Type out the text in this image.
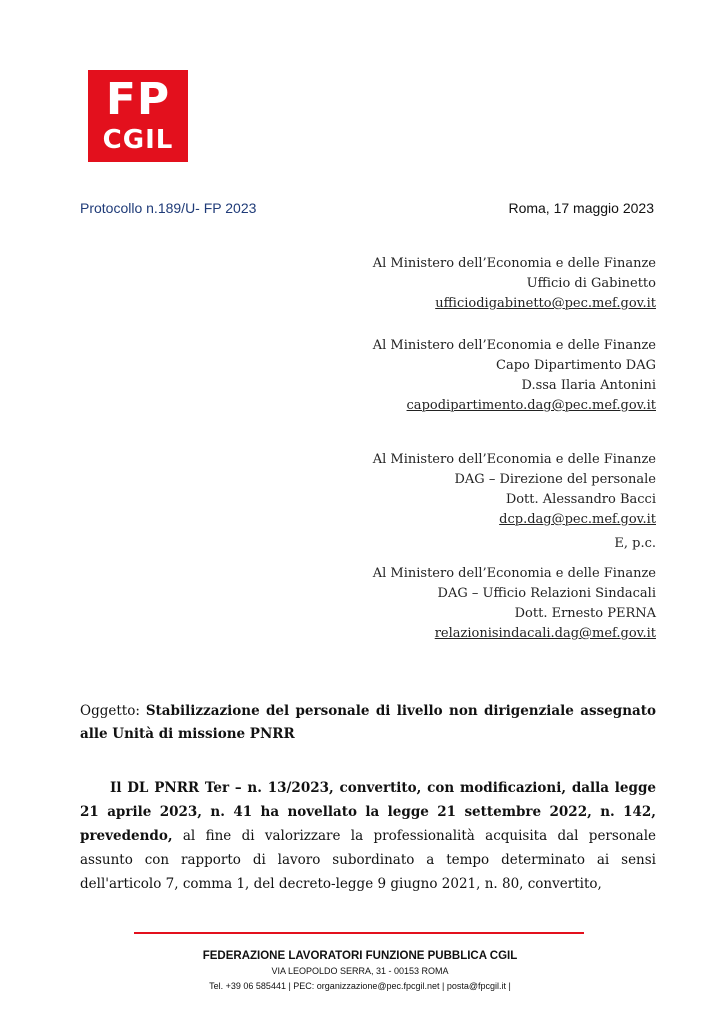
FP
CGIL
Protocollo n.189/U- FP 2023	Roma, 17 maggio 2023
Al Ministero dell’Economia e delle Finanze
Ufficio di Gabinetto
ufficiodigabinetto@pec.mef.gov.it
Al Ministero dell’Economia e delle Finanze
Capo Dipartimento DAG
D.ssa Ilaria Antonini
capodipartimento.dag@pec.mef.gov.it
Al Ministero dell’Economia e delle Finanze
DAG – Direzione del personale
Dott. Alessandro Bacci
dcp.dag@pec.mef.gov.it
E, p.c.
Al Ministero dell’Economia e delle Finanze
DAG – Ufficio Relazioni Sindacali
Dott. Ernesto PERNA
relazionisindacali.dag@mef.gov.it
Oggetto: Stabilizzazione del personale di livello non dirigenziale assegnato alle Unità di missione PNRR
Il DL PNRR Ter – n. 13/2023, convertito, con modificazioni, dalla legge 21 aprile 2023, n. 41 ha novellato la legge 21 settembre 2022, n. 142, prevedendo, al fine di valorizzare la professionalità acquisita dal personale assunto con rapporto di lavoro subordinato a tempo determinato ai sensi dell'articolo 7, comma 1, del decreto-legge 9 giugno 2021, n. 80, convertito,
FEDERAZIONE LAVORATORI FUNZIONE PUBBLICA CGIL
VIA LEOPOLDO SERRA, 31 - 00153 ROMA
Tel. +39 06 585441 | PEC: organizzazione@pec.fpcgil.net | posta@fpcgil.it |
